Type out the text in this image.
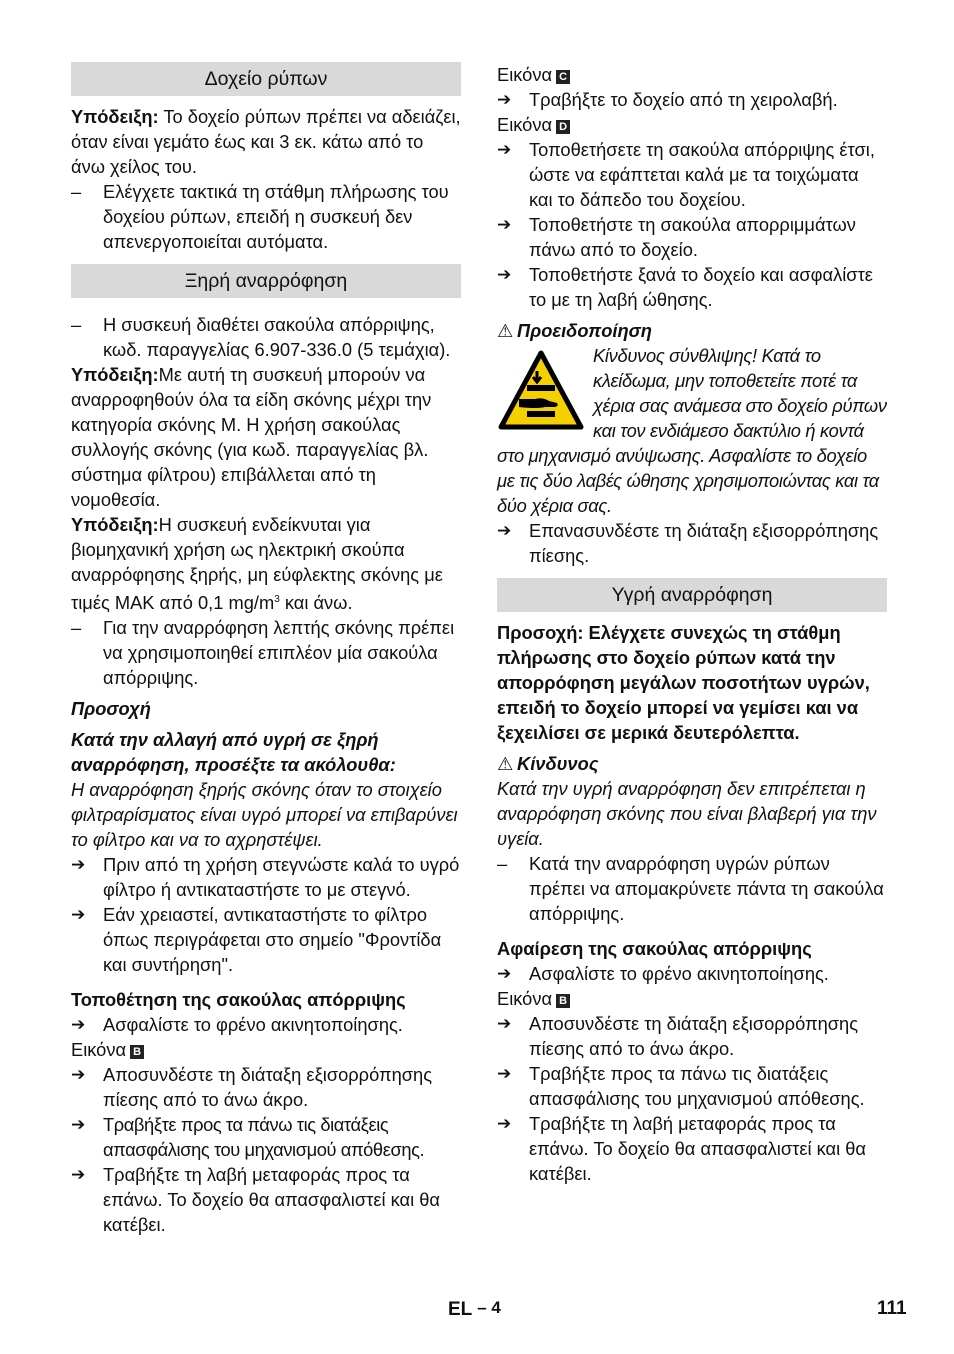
Δοχείο ρύπων

Υπόδειξη: Το δοχείο ρύπων πρέπει να αδειάζει, όταν είναι γεμάτο έως και 3 εκ. κάτω από το άνω χείλος του.

– Ελέγχετε τακτικά τη στάθμη πλήρωσης του δοχείου ρύπων, επειδή η συσκευή δεν απενεργοποιείται αυτόματα.
Ξηρή αναρρόφηση
– Η συσκευή διαθέτει σακούλα απόρριψης, κωδ. παραγγελίας 6.907-336.0 (5 τεμάχια).

Υπόδειξη:Με αυτή τη συσκευή μπορούν να αναρροφηθούν όλα τα είδη σκόνης μέχρι την κατηγορία σκόνης M. Η χρήση σακούλας συλλογής σκόνης (για κωδ. παραγγελίας βλ. σύστημα φίλτρου) επιβάλλεται από τη νομοθεσία.

Υπόδειξη:Η συσκευή ενδείκνυται για βιομηχανική χρήση ως ηλεκτρική σκούπα αναρρόφησης ξηρής, μη εύφλεκτης σκόνης με τιμές MAK από 0,1 $mg/m^3$ και άνω.

– Για την αναρρόφηση λεπτής σκόνης πρέπει να χρησιμοποιηθεί επιπλέον μία σακούλα απόρριψης.

Προσοχή

Κατά την αλλαγή από υγρή σε ξηρή αναρρόφηση, προσέξτε τα ακόλουθα:

Η αναρρόφηση ξηρής σκόνης όταν το στοιχείο φιλτραρίσματος είναι υγρό μπορεί να επιβαρύνει το φίλτρο και να το αχρηστέψει.

➔ Πριν από τη χρήση στεγνώστε καλά το υγρό φίλτρο ή αντικαταστήστε το με στεγνό.
➔ Εάν χρειαστεί, αντικαταστήστε το φίλτρο όπως περιγράφεται στο σημείο "Φροντίδα και συντήρηση".
Τοποθέτηση της σακούλας απόρριψης
➔ Ασφαλίστε το φρένο ακινητοποίησης.
Εικόνα B
➔ Αποσυνδέστε τη διάταξη εξισορρόπησης πίεσης από το άνω άκρο.
➔ Τραβήξτε προς τα πάνω τις διατάξεις απασφάλισης του μηχανισμού απόθεσης.
➔ Τραβήξτε τη λαβή μεταφοράς προς τα επάνω. Το δοχείο θα απασφαλιστεί και θα κατέβει.
Εικόνα C
➔ Τραβήξτε το δοχείο από τη χειρολαβή.
Εικόνα D
➔ Τοποθετήσετε τη σακούλα απόρριψης έτσι, ώστε να εφάπτεται καλά με τα τοιχώματα και το δάπεδο του δοχείου.
➔ Τοποθετήστε τη σακούλα απορριμμάτων πάνω από το δοχείο.
➔ Τοποθετήστε ξανά το δοχείο και ασφαλίστε το με τη λαβή ώθησης.
⚠ Προειδοποίηση
Κίνδυνος σύνθλιψης! Κατά το κλείδωμα, μην τοποθετείτε ποτέ τα χέρια σας ανάμεσα στο δοχείο ρύπων και τον ενδιάμεσο δακτύλιο ή κοντά στο μηχανισμό ανύψωσης. Ασφαλίστε το δοχείο με τις δύο λαβές ώθησης χρησιμοποιώντας και τα δύο χέρια σας.
➔ Επανασυνδέστε τη διάταξη εξισορρόπησης πίεσης.
Υγρή αναρρόφηση

Προσοχή: Ελέγχετε συνεχώς τη στάθμη πλήρωσης στο δοχείο ρύπων κατά την απορρόφηση μεγάλων ποσοτήτων υγρών, επειδή το δοχείο μπορεί να γεμίσει και να ξεχειλίσει σε μερικά δευτερόλεπτα.

⚠ Κίνδυνος

Κατά την υγρή αναρρόφηση δεν επιτρέπεται η αναρρόφηση σκόνης που είναι βλαβερή για την υγεία.

– Κατά την αναρρόφηση υγρών ρύπων πρέπει να απομακρύνετε πάντα τη σακούλα απόρριψης.
Αφαίρεση της σακούλας απόρριψης
➔ Ασφαλίστε το φρένο ακινητοποίησης.
Εικόνα B
➔ Αποσυνδέστε τη διάταξη εξισορρόπησης πίεσης από το άνω άκρο.
➔ Τραβήξτε προς τα πάνω τις διατάξεις απασφάλισης του μηχανισμού απόθεσης.
➔ Τραβήξτε τη λαβή μεταφοράς προς τα επάνω. Το δοχείο θα απασφαλιστεί και θα κατέβει.
EL – 4	111
